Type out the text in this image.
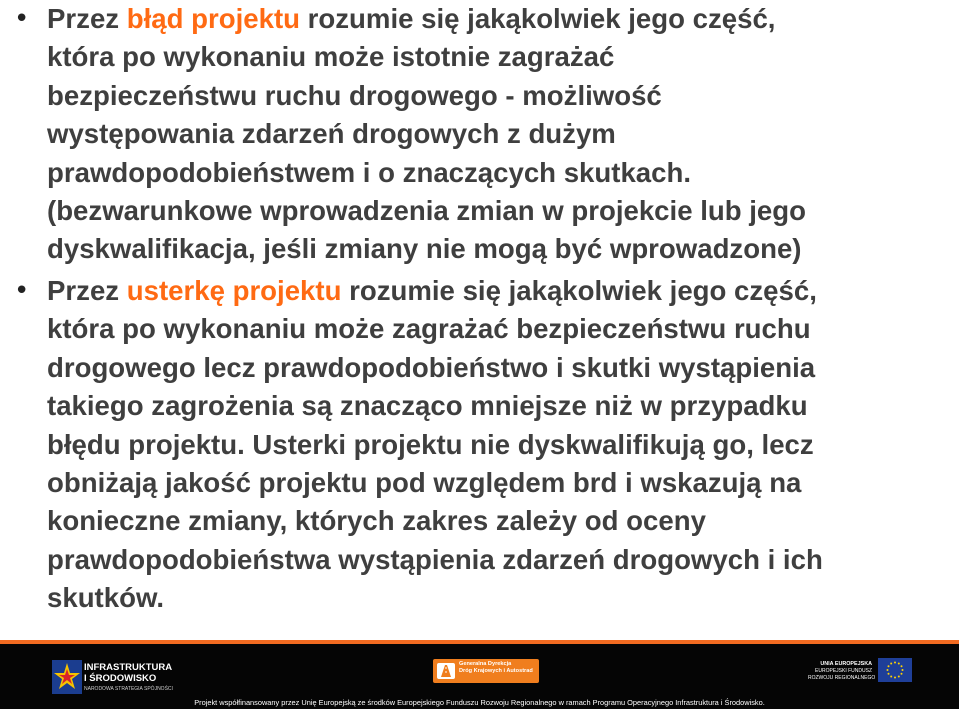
• Przez błąd projektu rozumie się jakąkolwiek jego część,
która po wykonaniu może istotnie zagrażać
bezpieczeństwu ruchu drogowego - możliwość
występowania zdarzeń drogowych z dużym
prawdopodobieństwem i o znaczących skutkach.
(bezwarunkowe wprowadzenia zmian w projekcie lub jego
dyskwalifikacja, jeśli zmiany nie mogą być wprowadzone)

• Przez usterkę projektu rozumie się jakąkolwiek jego część,
która po wykonaniu może zagrażać bezpieczeństwu ruchu
drogowego lecz prawdopodobieństwo i skutki wystąpienia
takiego zagrożenia są znacząco mniejsze niż w przypadku
błędu projektu. Usterki projektu nie dyskwalifikują go, lecz
obniżają jakość projektu pod względem brd i wskazują na
konieczne zmiany, których zakres zależy od oceny
prawdopodobieństwa wystąpienia zdarzeń drogowych i ich
skutków.

INFRASTRUKTURA
I ŚRODOWISKO
NARODOWA STRATEGIA SPÓJNOŚCI
Generalna Dyrekcja
Dróg Krajowych i Autostrad
UNIA EUROPEJSKA
EUROPEJSKI FUNDUSZ
ROZWOJU REGIONALNEGO
Projekt współfinansowany przez Unię Europejską ze środków Europejskiego Funduszu Rozwoju Regionalnego w ramach Programu Operacyjnego Infrastruktura i Środowisko.
